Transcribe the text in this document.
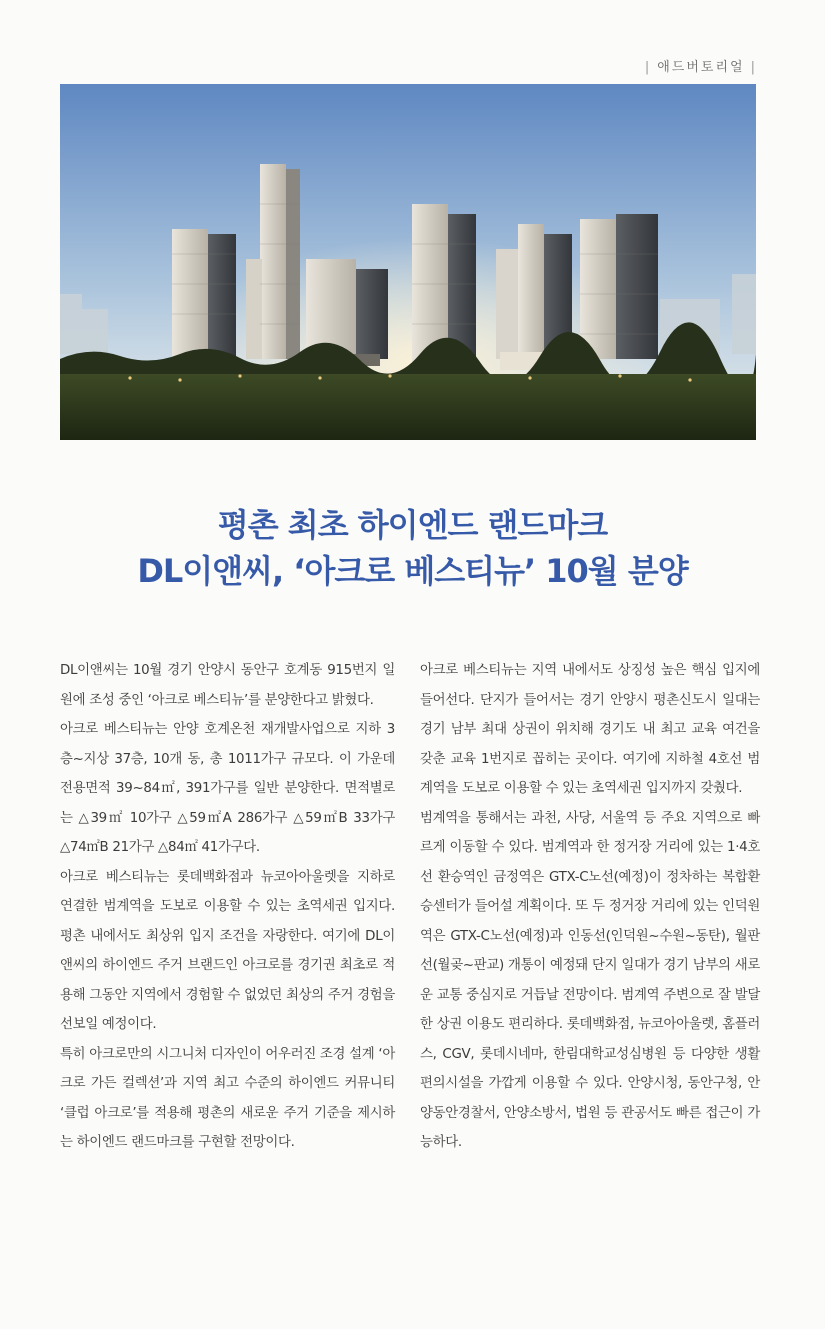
| 애드버토리얼 |
평촌 최초 하이엔드 랜드마크
DL이앤씨, ‘아크로 베스티뉴’ 10월 분양

DL이앤씨는 10월 경기 안양시 동안구 호계동 915번지 일원에 조성 중인 ‘아크로 베스티뉴’를 분양한다고 밝혔다.

아크로 베스티뉴는 안양 호계온천 재개발사업으로 지하 3층~지상 37층, 10개 동, 총 1011가구 규모다. 이 가운데 전용면적 39~84㎡, 391가구를 일반 분양한다. 면적별로는 △39㎡ 10가구 △59㎡A 286가구 △59㎡B 33가구 △74㎡B 21가구 △84㎡ 41가구다.

아크로 베스티뉴는 롯데백화점과 뉴코아아울렛을 지하로 연결한 범계역을 도보로 이용할 수 있는 초역세권 입지다. 평촌 내에서도 최상위 입지 조건을 자랑한다. 여기에 DL이앤씨의 하이엔드 주거 브랜드인 아크로를 경기권 최초로 적용해 그동안 지역에서 경험할 수 없었던 최상의 주거 경험을 선보일 예정이다.

특히 아크로만의 시그니처 디자인이 어우러진 조경 설계 ‘아크로 가든 컬렉션’과 지역 최고 수준의 하이엔드 커뮤니티 ‘클럽 아크로’를 적용해 평촌의 새로운 주거 기준을 제시하는 하이엔드 랜드마크를 구현할 전망이다.

아크로 베스티뉴는 지역 내에서도 상징성 높은 핵심 입지에 들어선다. 단지가 들어서는 경기 안양시 평촌신도시 일대는 경기 남부 최대 상권이 위치해 경기도 내 최고 교육 여건을 갖춘 교육 1번지로 꼽히는 곳이다. 여기에 지하철 4호선 범계역을 도보로 이용할 수 있는 초역세권 입지까지 갖췄다.

범계역을 통해서는 과천, 사당, 서울역 등 주요 지역으로 빠르게 이동할 수 있다. 범계역과 한 정거장 거리에 있는 1·4호선 환승역인 금정역은 GTX-C노선(예정)이 정차하는 복합환승센터가 들어설 계획이다. 또 두 정거장 거리에 있는 인덕원역은 GTX-C노선(예정)과 인동선(인덕원~수원~동탄), 월판선(월곶~판교) 개통이 예정돼 단지 일대가 경기 남부의 새로운 교통 중심지로 거듭날 전망이다. 범계역 주변으로 잘 발달한 상권 이용도 편리하다. 롯데백화점, 뉴코아아울렛, 홈플러스, CGV, 롯데시네마, 한림대학교성심병원 등 다양한 생활편의시설을 가깝게 이용할 수 있다. 안양시청, 동안구청, 안양동안경찰서, 안양소방서, 법원 등 관공서도 빠른 접근이 가능하다.
